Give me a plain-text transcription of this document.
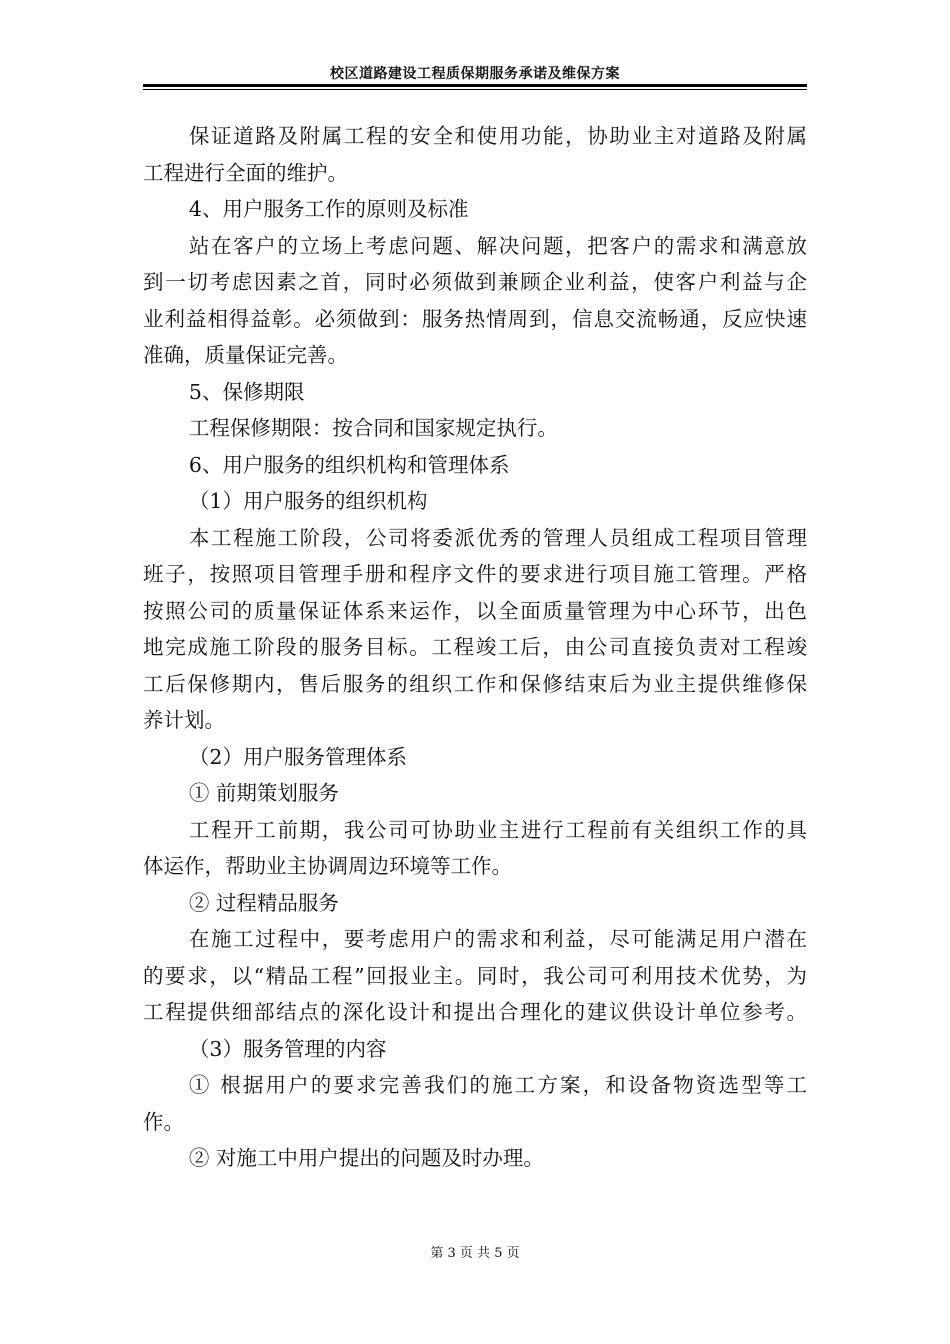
校区道路建设工程质保期服务承诺及维保方案
保证道路及附属工程的安全和使用功能，协助业主对道路及附属
工程进行全面的维护。
4、用户服务工作的原则及标准
站在客户的立场上考虑问题、解决问题，把客户的需求和满意放
到一切考虑因素之首，同时必须做到兼顾企业利益，使客户利益与企
业利益相得益彰。必须做到：服务热情周到，信息交流畅通，反应快速
准确，质量保证完善。
5、保修期限
工程保修期限：按合同和国家规定执行。
6、用户服务的组织机构和管理体系
（1）用户服务的组织机构
本工程施工阶段，公司将委派优秀的管理人员组成工程项目管理
班子，按照项目管理手册和程序文件的要求进行项目施工管理。严格
按照公司的质量保证体系来运作，以全面质量管理为中心环节，出色
地完成施工阶段的服务目标。工程竣工后，由公司直接负责对工程竣
工后保修期内，售后服务的组织工作和保修结束后为业主提供维修保
养计划。
（2）用户服务管理体系
① 前期策划服务
工程开工前期，我公司可协助业主进行工程前有关组织工作的具
体运作，帮助业主协调周边环境等工作。
② 过程精品服务
在施工过程中，要考虑用户的需求和利益，尽可能满足用户潜在
的要求，以“精品工程”回报业主。同时，我公司可利用技术优势，为
工程提供细部结点的深化设计和提出合理化的建议供设计单位参考。
（3）服务管理的内容
① 根据用户的要求完善我们的施工方案，和设备物资选型等工
作。
② 对施工中用户提出的问题及时办理。
第 3 页 共 5 页
